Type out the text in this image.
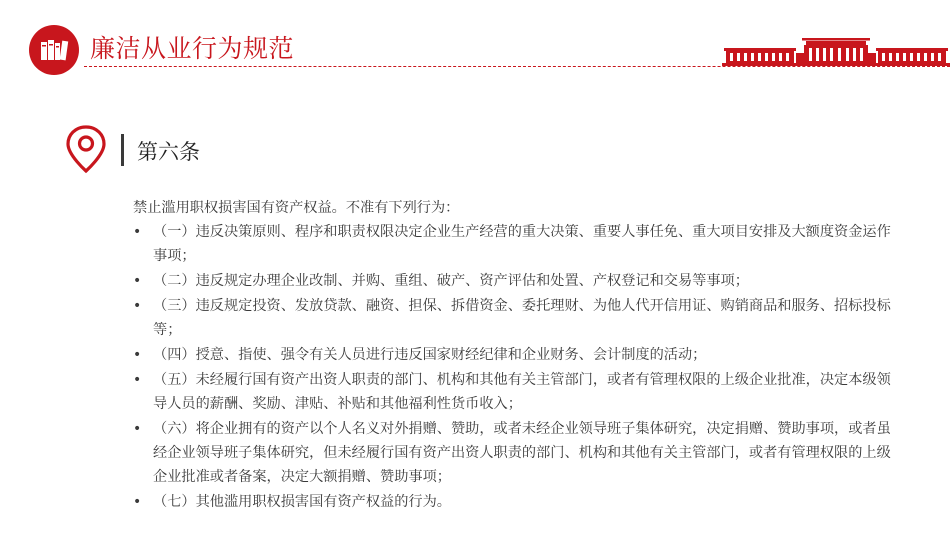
廉洁从业行为规范
第六条
禁止滥用职权损害国有资产权益。不准有下列行为：
• （一）违反决策原则、程序和职责权限决定企业生产经营的重大决策、重要人事任免、重大项目安排及大额度资金运作事项；
• （二）违反规定办理企业改制、并购、重组、破产、资产评估和处置、产权登记和交易等事项；
• （三）违反规定投资、发放贷款、融资、担保、拆借资金、委托理财、为他人代开信用证、购销商品和服务、招标投标等；
• （四）授意、指使、强令有关人员进行违反国家财经纪律和企业财务、会计制度的活动；
• （五）未经履行国有资产出资人职责的部门、机构和其他有关主管部门，或者有管理权限的上级企业批准，决定本级领导人员的薪酬、奖励、津贴、补贴和其他福利性货币收入；
• （六）将企业拥有的资产以个人名义对外捐赠、赞助，或者未经企业领导班子集体研究，决定捐赠、赞助事项，或者虽经企业领导班子集体研究，但未经履行国有资产出资人职责的部门、机构和其他有关主管部门，或者有管理权限的上级企业批准或者备案，决定大额捐赠、赞助事项；
• （七）其他滥用职权损害国有资产权益的行为。
